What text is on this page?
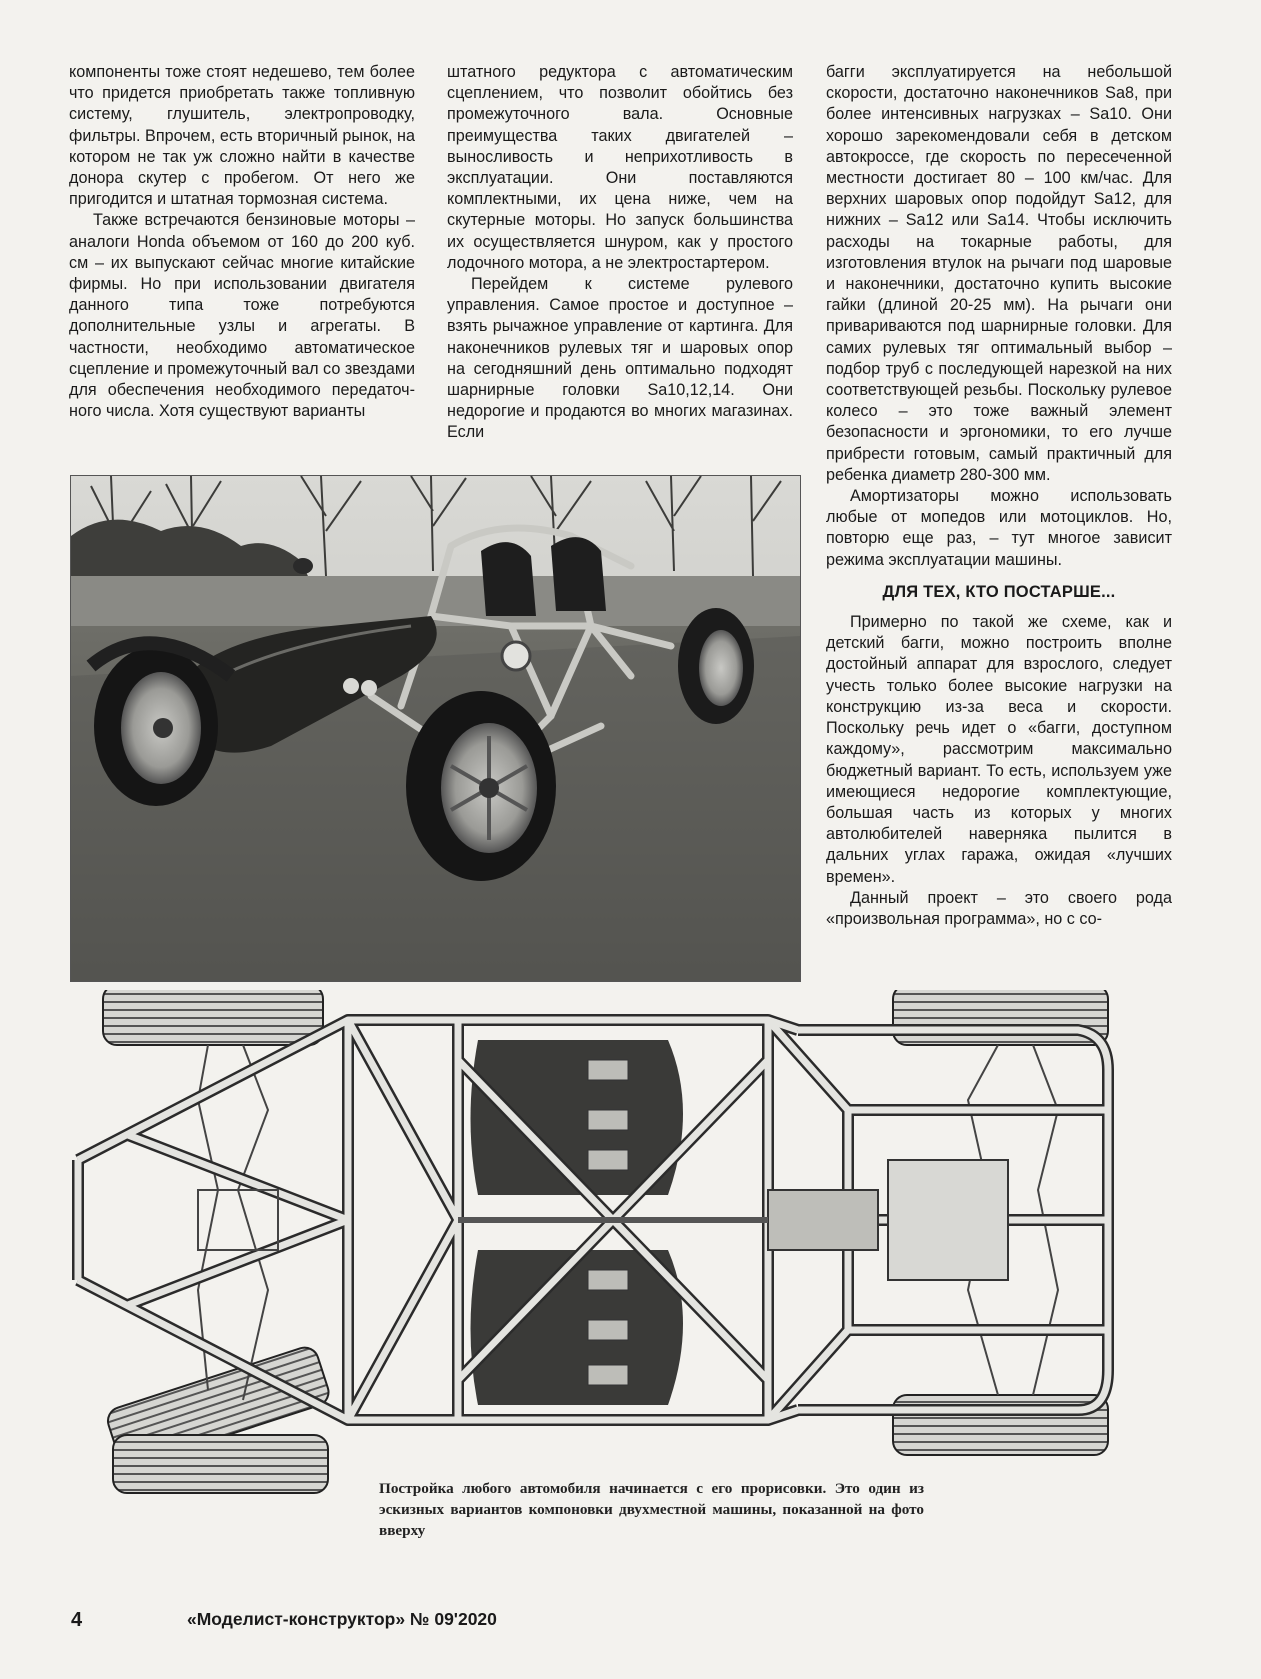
компоненты тоже стоят недешево, тем более что придется приобретать также топливную систему, глушитель, электропроводку, фильтры. Впрочем, есть вторичный рынок, на котором не так уж сложно найти в качестве донора скутер с пробегом. От него же пригодится и штатная тормозная система.

Также встречаются бензиновые моторы – аналоги Honda объемом от 160 до 200 куб. см – их выпускают сейчас многие китайские фирмы. Но при использовании двигателя данного типа тоже потребуются дополнительные узлы и агрегаты. В частности, необходимо автоматическое сцепление и промежуточный вал со звездами для обеспечения необходимого передаточного числа. Хотя существуют варианты

штатного редуктора с автоматическим сцеплением, что позволит обойтись без промежуточного вала. Основные преимущества таких двигателей – выносливость и неприхотливость в эксплуатации. Они поставляются комплектными, их цена ниже, чем на скутерные моторы. Но запуск большинства их осуществляется шнуром, как у простого лодочного мотора, а не электростартером.

Перейдем к системе рулевого управления. Самое простое и доступное – взять рычажное управление от картинга. Для наконечников рулевых тяг и шаровых опор на сегодняшний день оптимально подходят шарнирные головки Sa10,12,14. Они недорогие и продаются во многих магазинах. Если

багги эксплуатируется на небольшой скорости, достаточно наконечников Sa8, при более интенсивных нагрузках – Sa10. Они хорошо зарекомендовали себя в детском автокроссе, где скорость по пересеченной местности достигает 80 – 100 км/час. Для верхних шаровых опор подойдут Sa12, для нижних – Sa12 или Sa14. Чтобы исключить расходы на токарные работы, для изготовления втулок на рычаги под шаровые и наконечники, достаточно купить высокие гайки (длиной 20-25 мм). На рычаги они привариваются под шарнирные головки. Для самих рулевых тяг оптимальный выбор – подбор труб с последующей нарезкой на них соответствующей резьбы. Поскольку рулевое колесо – это тоже важный элемент безопасности и эргономики, то его лучше прибрести готовым, самый практичный для ребенка диаметр 280-300 мм.

Амортизаторы можно использовать любые от мопедов или мотоциклов. Но, повторю еще раз, – тут многое зависит режима эксплуатации машины.

ДЛЯ ТЕХ, КТО ПОСТАРШЕ...

Примерно по такой же схеме, как и детский багги, можно построить вполне достойный аппарат для взрослого, следует учесть только более высокие нагрузки на конструкцию из-за веса и скорости. Поскольку речь идет о «багги, доступном каждому», рассмотрим максимально бюджетный вариант. То есть, используем уже имеющиеся недорогие комплектующие, большая часть из которых у многих автолюбителей наверняка пылится в дальних углах гаража, ожидая «лучших времен».

Данный проект – это своего рода «произвольная программа», но с со-

Постройка любого автомобиля начинается с его прорисовки. Это один из эскизных вариантов компоновки двухместной машины, показанной на фото вверху
4	«Моделист-конструктор» № 09'2020
